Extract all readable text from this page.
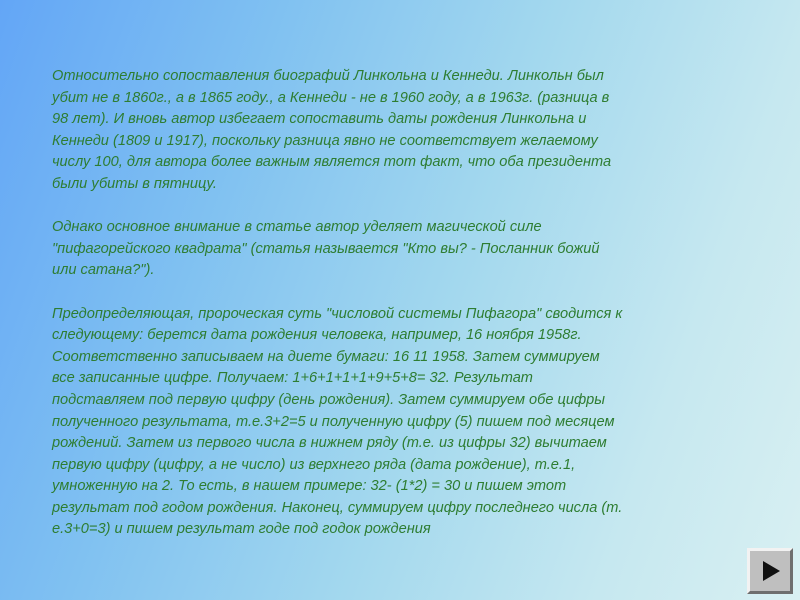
Относительно сопоставления биографий Линкольна и Кеннеди. Линкольн был
убит не в 1860г., а в 1865 году., а Кеннеди - не в 1960 году, а в 1963г. (разница в
98 лет). И вновь автор избегает сопоставить даты рождения Линкольна и
Кеннеди (1809 и 1917), поскольку разница явно не соответствует желаемому
числу 100, для автора более важным является тот факт, что оба президента
были убиты в пятницу.

Однако основное внимание в статье автор уделяет магической силе
"пифагорейского квадрата" (статья называется "Кто вы? - Посланник божий
или сатана?").

Предопределяющая, пророческая суть "числовой системы Пифагора" сводится к
следующему: берется дата рождения человека, например, 16 ноября 1958г.
Соответственно записываем на диете бумаги: 16 11 1958. Затем суммируем
все записанные цифре. Получаем: 1+6+1+1+1+9+5+8= 32. Результат
подставляем под первую цифру (день рождения). Затем суммируем обе цифры
полученного результата, т.е.3+2=5 и полученную цифру (5) пишем под месяцем
рождений. Затем из первого числа в нижнем ряду (т.е. из цифры 32) вычитаем
первую цифру (цифру, а не число) из верхнего ряда (дата рождение), т.е.1,
умноженную на 2. То есть, в нашем примере: 32- (1*2) = 30 и пишем этот
результат под годом рождения. Наконец, суммируем цифру последнего числа (т.
е.3+0=3) и пишем результат годе под годок рождения
